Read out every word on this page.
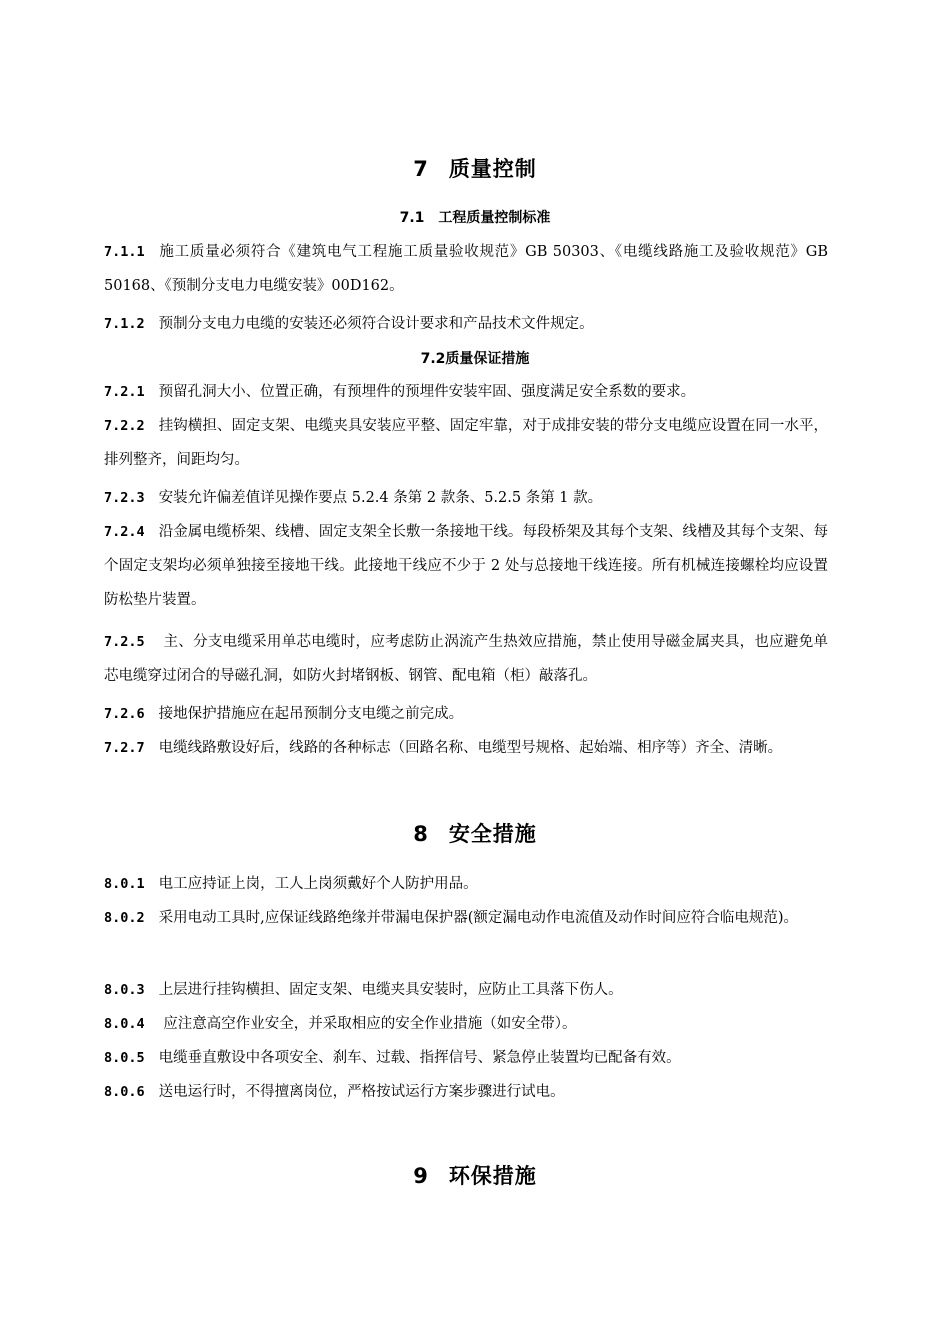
7 质量控制
7.1 工程质量控制标准
7.1.1 施工质量必须符合《建筑电气工程施工质量验收规范》GB 50303、《电缆线路施工及验收规范》GB 50168、《预制分支电力电缆安装》00D162。
7.1.2 预制分支电力电缆的安装还必须符合设计要求和产品技术文件规定。
7.2质量保证措施
7.2.1 预留孔洞大小、位置正确，有预埋件的预埋件安装牢固、强度满足安全系数的要求。
7.2.2 挂钩横担、固定支架、电缆夹具安装应平整、固定牢靠，对于成排安装的带分支电缆应设置在同一水平，排列整齐，间距均匀。
7.2.3 安装允许偏差值详见操作要点 5.2.4 条第 2 款条、5.2.5 条第 1 款。
7.2.4 沿金属电缆桥架、线槽、固定支架全长敷一条接地干线。每段桥架及其每个支架、线槽及其每个支架、每个固定支架均必须单独接至接地干线。此接地干线应不少于 2 处与总接地干线连接。所有机械连接螺栓均应设置防松垫片装置。
7.2.5 主、分支电缆采用单芯电缆时，应考虑防止涡流产生热效应措施，禁止使用导磁金属夹具，也应避免单芯电缆穿过闭合的导磁孔洞，如防火封堵钢板、钢管、配电箱（柜）敲落孔。
7.2.6 接地保护措施应在起吊预制分支电缆之前完成。
7.2.7 电缆线路敷设好后，线路的各种标志（回路名称、电缆型号规格、起始端、相序等）齐全、清晰。
8 安全措施
8.0.1 电工应持证上岗，工人上岗须戴好个人防护用品。
8.0.2 采用电动工具时,应保证线路绝缘并带漏电保护器(额定漏电动作电流值及动作时间应符合临电规范)。
8.0.3 上层进行挂钩横担、固定支架、电缆夹具安装时，应防止工具落下伤人。
8.0.4 应注意高空作业安全，并采取相应的安全作业措施（如安全带）。
8.0.5 电缆垂直敷设中各项安全、刹车、过载、指挥信号、紧急停止装置均已配备有效。
8.0.6 送电运行时，不得擅离岗位，严格按试运行方案步骤进行试电。
9 环保措施
